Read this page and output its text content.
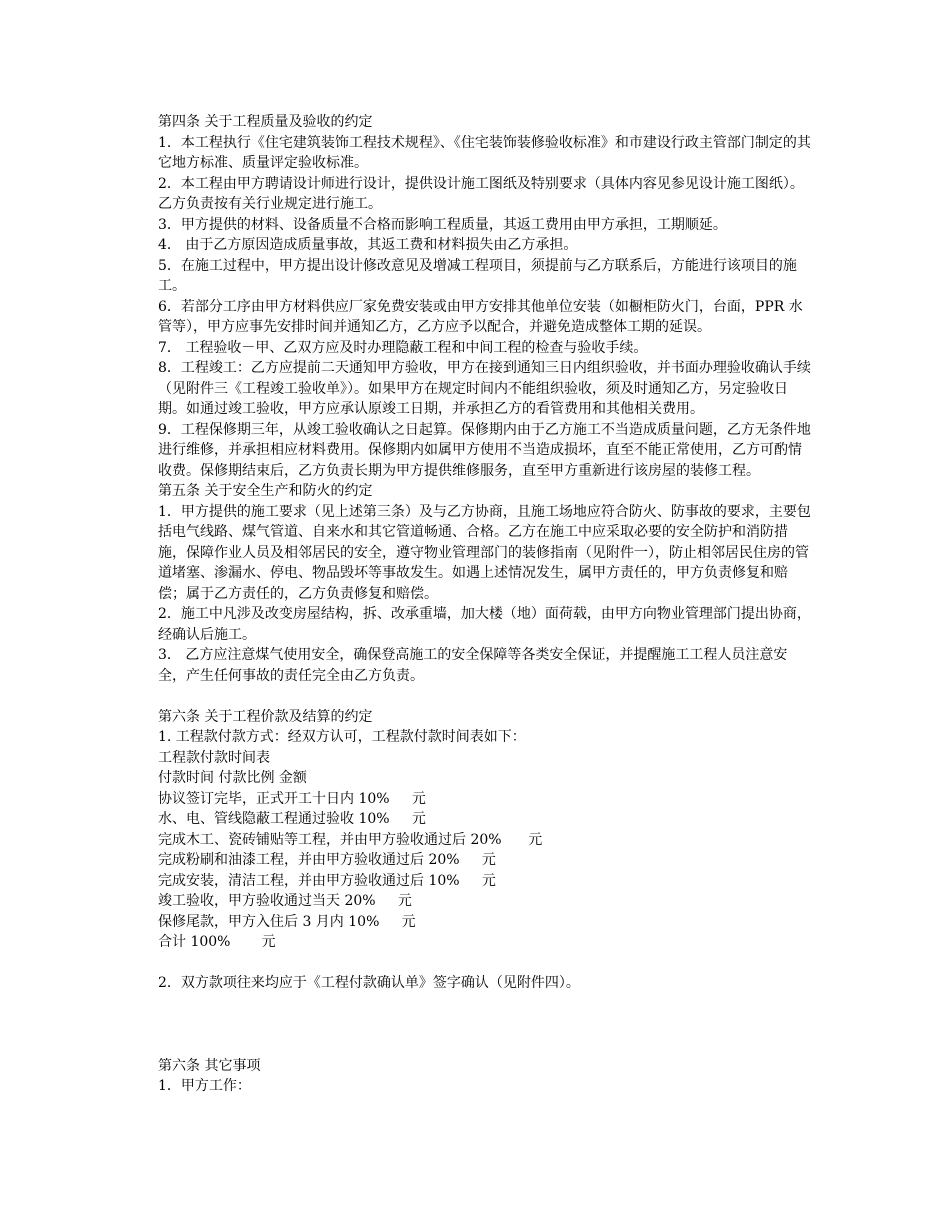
第四条 关于工程质量及验收的约定

1．本工程执行《住宅建筑装饰工程技术规程》、《住宅装饰装修验收标准》和市建设行政主管部门制定的其它地方标准、质量评定验收标准。

2．本工程由甲方聘请设计师进行设计，提供设计施工图纸及特别要求（具体内容见参见设计施工图纸）。乙方负责按有关行业规定进行施工。

3．甲方提供的材料、设备质量不合格而影响工程质量，其返工费用由甲方承担，工期顺延。

4． 由于乙方原因造成质量事故，其返工费和材料损失由乙方承担。

5．在施工过程中，甲方提出设计修改意见及增减工程项目，须提前与乙方联系后，方能进行该项目的施工。

6．若部分工序由甲方材料供应厂家免费安装或由甲方安排其他单位安装（如橱柜防火门，台面，PPR 水管等），甲方应事先安排时间并通知乙方，乙方应予以配合，并避免造成整体工期的延误。

7． 工程验收－甲、乙双方应及时办理隐蔽工程和中间工程的检查与验收手续。

8．工程竣工：乙方应提前二天通知甲方验收，甲方在接到通知三日内组织验收，并书面办理验收确认手续（见附件三《工程竣工验收单》）。如果甲方在规定时间内不能组织验收，须及时通知乙方，另定验收日期。如通过竣工验收，甲方应承认原竣工日期，并承担乙方的看管费用和其他相关费用。

9．工程保修期三年，从竣工验收确认之日起算。保修期内由于乙方施工不当造成质量问题，乙方无条件地进行维修，并承担相应材料费用。保修期内如属甲方使用不当造成损坏，直至不能正常使用，乙方可酌情收费。保修期结束后，乙方负责长期为甲方提供维修服务，直至甲方重新进行该房屋的装修工程。

第五条 关于安全生产和防火的约定

1．甲方提供的施工要求（见上述第三条）及与乙方协商，且施工场地应符合防火、防事故的要求，主要包括电气线路、煤气管道、自来水和其它管道畅通、合格。乙方在施工中应采取必要的安全防护和消防措施，保障作业人员及相邻居民的安全，遵守物业管理部门的装修指南（见附件一），防止相邻居民住房的管道堵塞、渗漏水、停电、物品毁坏等事故发生。如遇上述情况发生，属甲方责任的，甲方负责修复和赔偿；属于乙方责任的，乙方负责修复和赔偿。

2．施工中凡涉及改变房屋结构，拆、改承重墙，加大楼（地）面荷载，由甲方向物业管理部门提出协商，经确认后施工。

3． 乙方应注意煤气使用安全，确保登高施工的安全保障等各类安全保证，并提醒施工工程人员注意安全，产生任何事故的责任完全由乙方负责。

第六条 关于工程价款及结算的约定

1. 工程款付款方式：经双方认可，工程款付款时间表如下：

工程款付款时间表

付款时间 付款比例 金额

协议签订完毕，正式开工十日内 10%     元

水、电、管线隐蔽工程通过验收 10%     元

完成木工、瓷砖铺贴等工程，并由甲方验收通过后 20%      元

完成粉刷和油漆工程，并由甲方验收通过后 20%     元

完成安装，清洁工程，并由甲方验收通过后 10%     元

竣工验收，甲方验收通过当天 20%     元

保修尾款，甲方入住后 3 月内 10%     元

合计 100%       元

2．双方款项往来均应于《工程付款确认单》签字确认（见附件四）。

第六条 其它事项

1．甲方工作：
